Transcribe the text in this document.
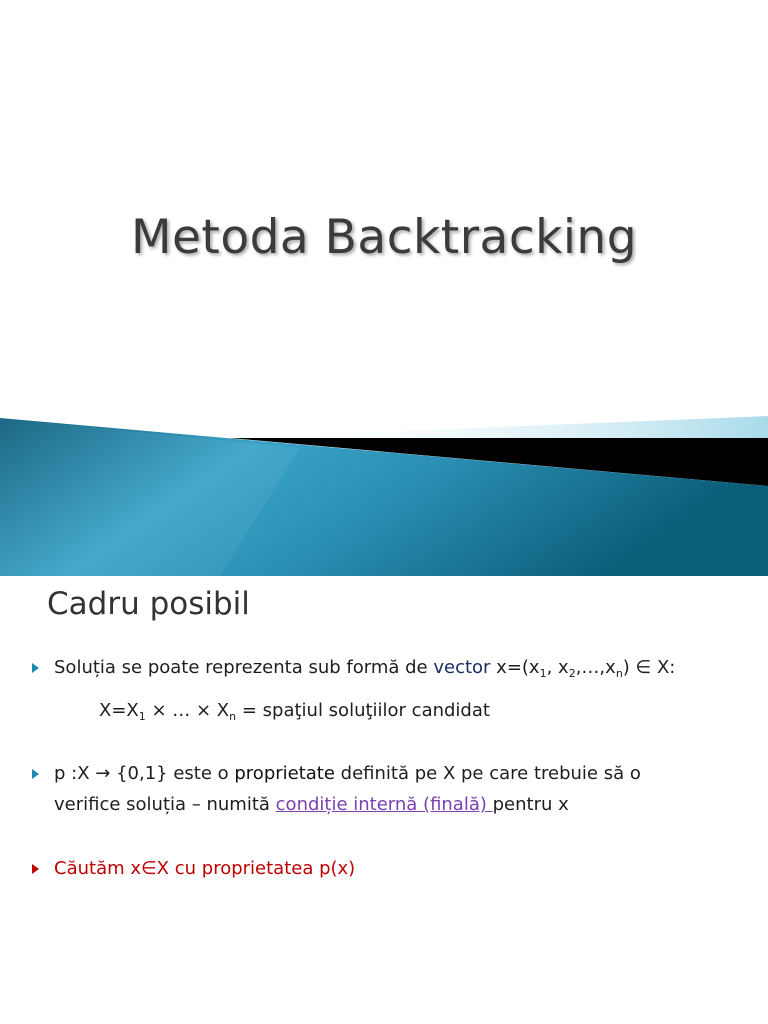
Metoda Backtracking
Cadru posibil
Soluția se poate reprezenta sub formă de vector $x=(x_1$, $x_2,\dots,x_n$) ∈ X:
$X=X_1$ × … × $X_n$ = spaţiul soluţiilor candidat
p :X → {0,1} este o proprietate definită pe X pe care trebuie să o
verifice soluția – numită condiție internă (finală) pentru x
Căutăm x∈X cu proprietatea p(x)
